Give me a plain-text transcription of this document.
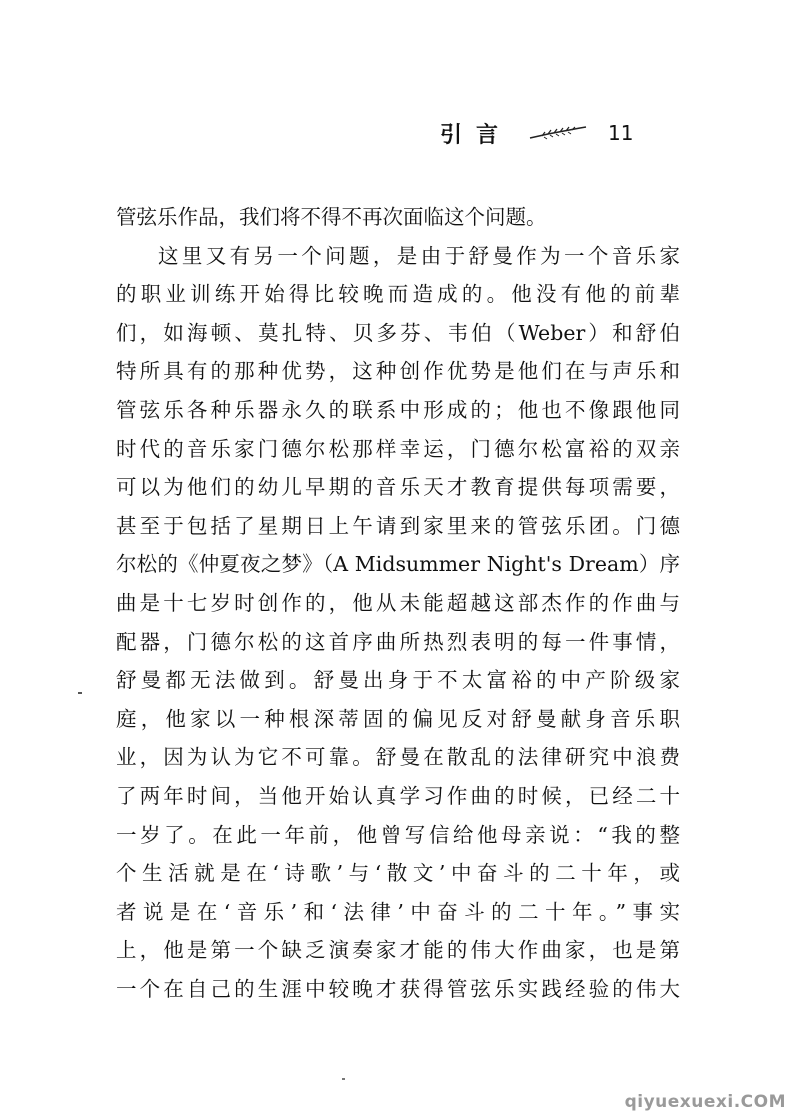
引言	11
管弦乐作品，我们将不得不再次面临这个问题。
这里又有另一个问题，是由于舒曼作为一个音乐家
的职业训练开始得比较晚而造成的。他没有他的前辈
们，如海顿、莫扎特、贝多芬、韦伯（Weber）和舒伯
特所具有的那种优势，这种创作优势是他们在与声乐和
管弦乐各种乐器永久的联系中形成的；他也不像跟他同
时代的音乐家门德尔松那样幸运，门德尔松富裕的双亲
可以为他们的幼儿早期的音乐天才教育提供每项需要，
甚至于包括了星期日上午请到家里来的管弦乐团。门德
尔松的《仲夏夜之梦》（A Midsummer Night's Dream）序
曲是十七岁时创作的，他从未能超越这部杰作的作曲与
配器，门德尔松的这首序曲所热烈表明的每一件事情，
舒曼都无法做到。舒曼出身于不太富裕的中产阶级家
庭，他家以一种根深蒂固的偏见反对舒曼献身音乐职
业，因为认为它不可靠。舒曼在散乱的法律研究中浪费
了两年时间，当他开始认真学习作曲的时候，已经二十
一岁了。在此一年前，他曾写信给他母亲说：“我的整
个生活就是在‘诗歌’与‘散文’中奋斗的二十年，或
者说是在‘音乐’和‘法律’中奋斗的二十年。”事实
上，他是第一个缺乏演奏家才能的伟大作曲家，也是第
一个在自己的生涯中较晚才获得管弦乐实践经验的伟大
qiyuexuexi.COM
